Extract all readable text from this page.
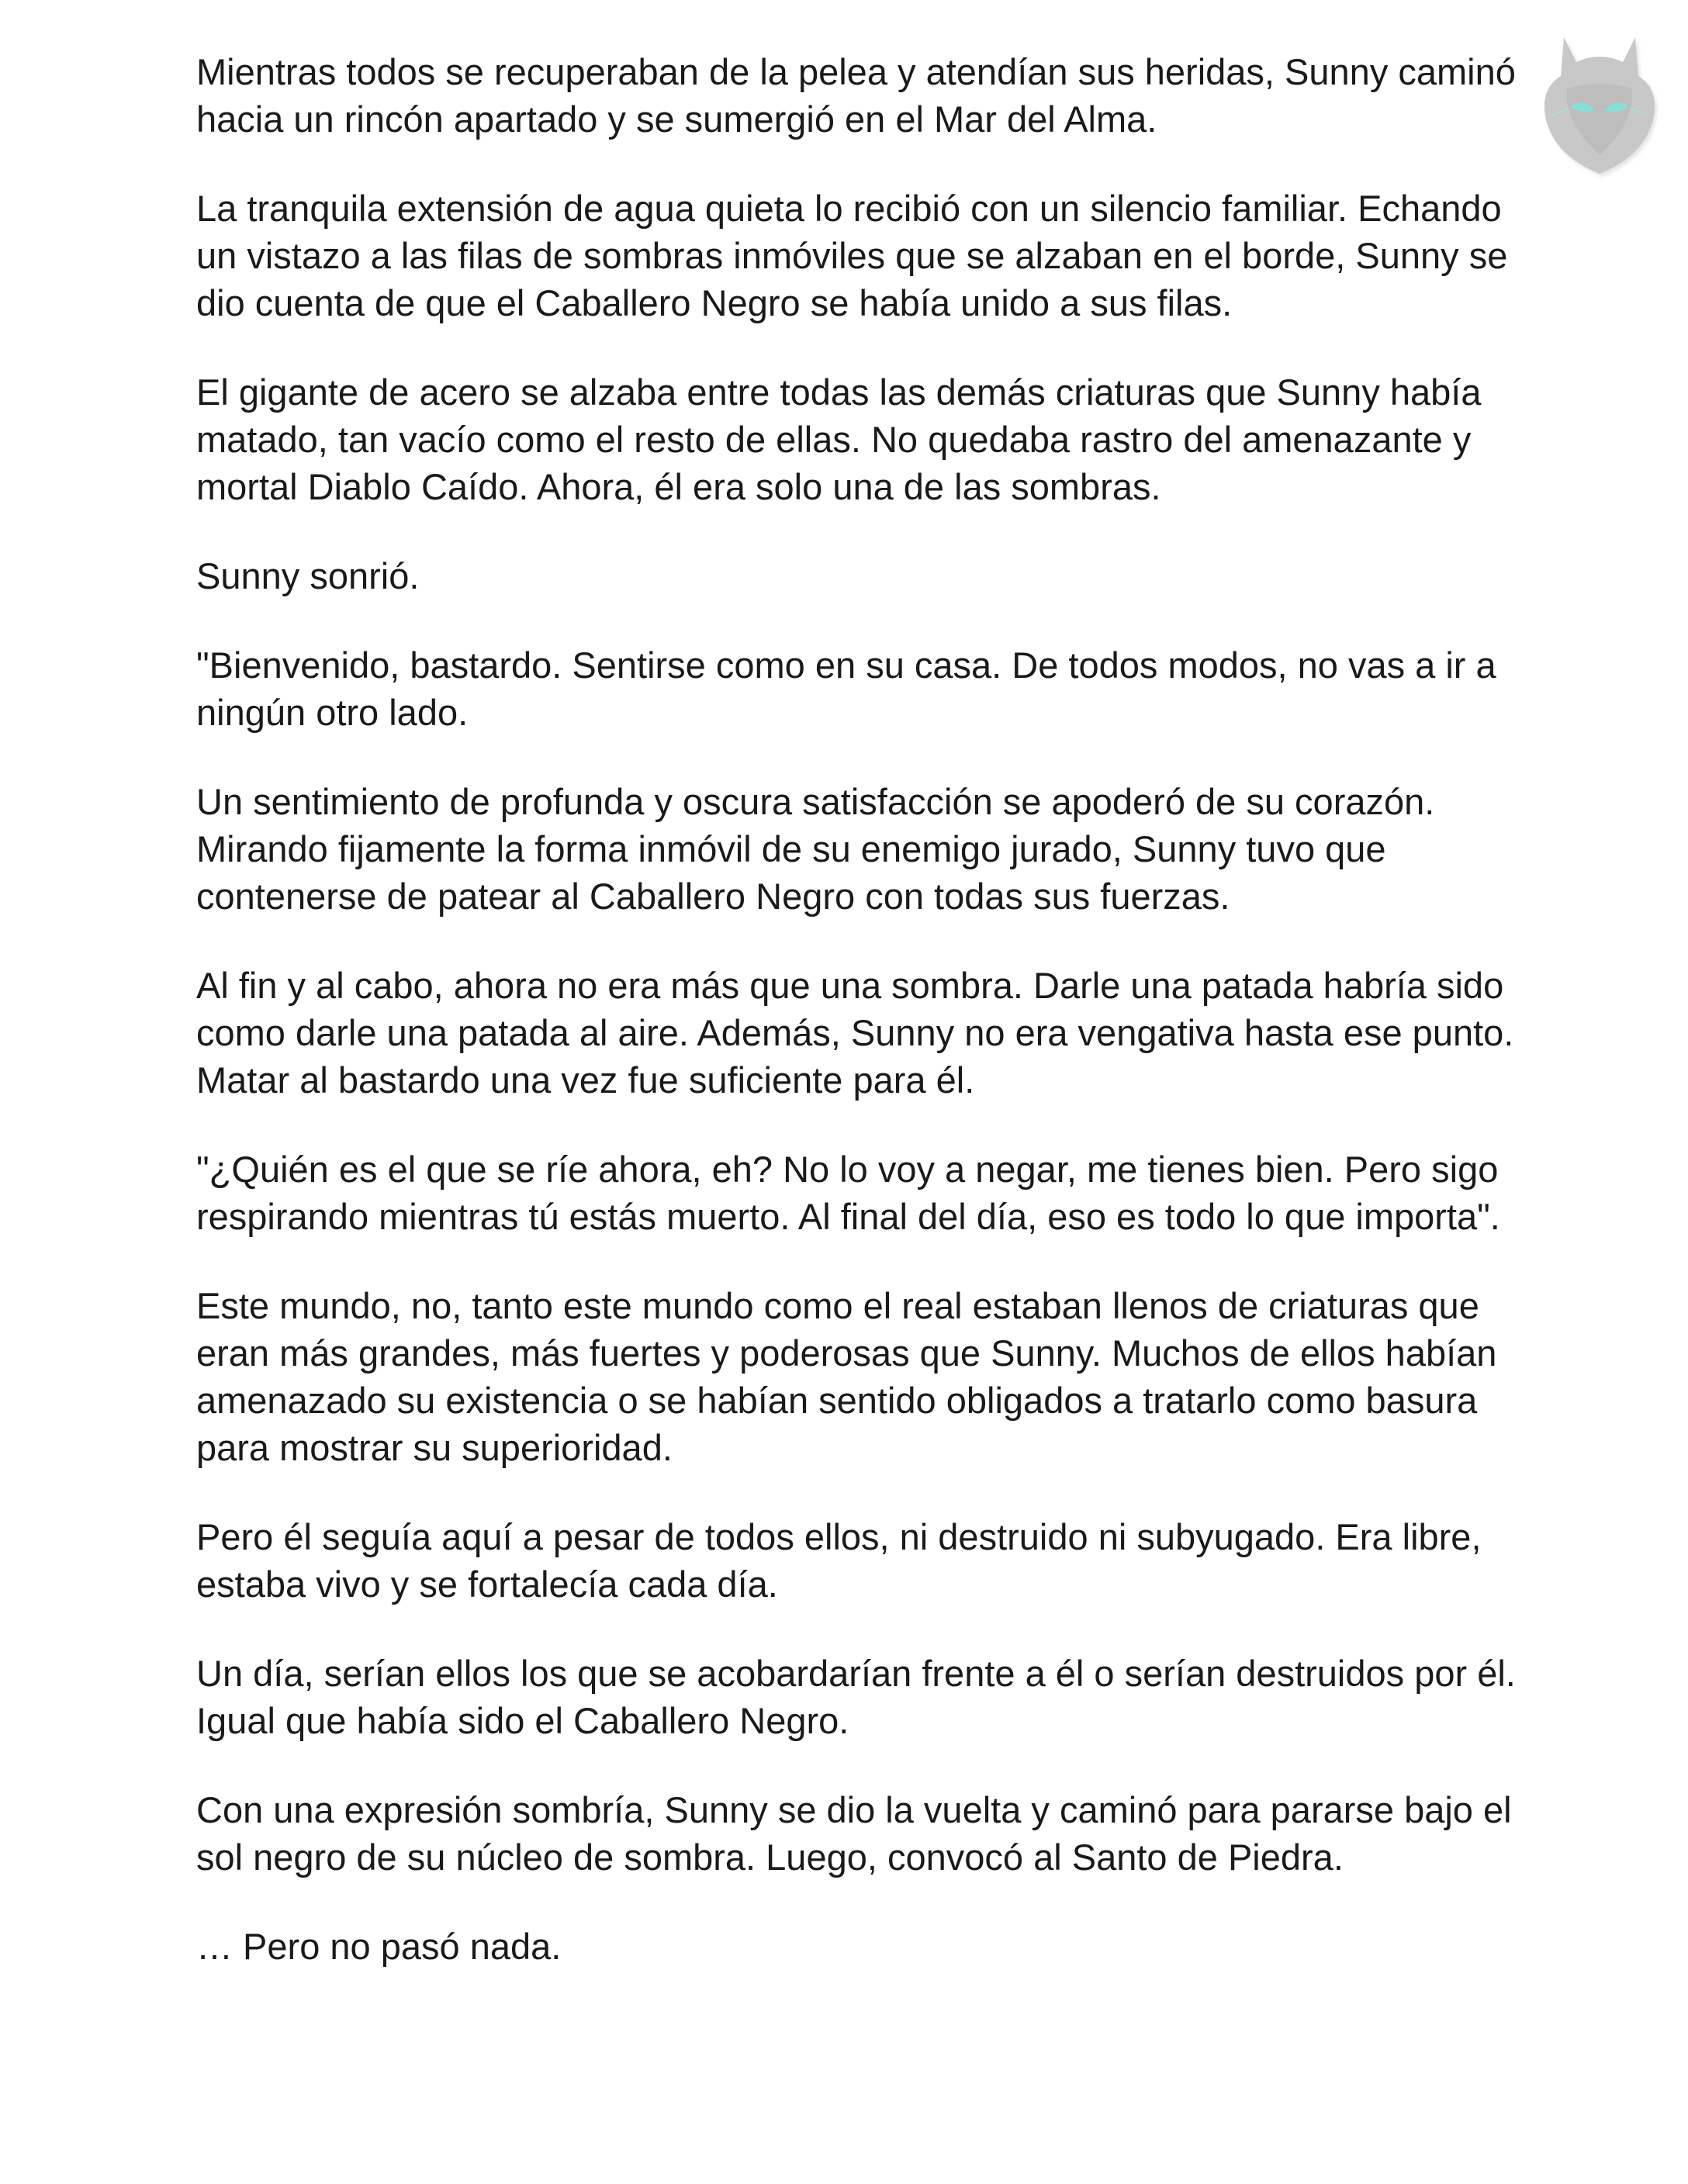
Mientras todos se recuperaban de la pelea y atendían sus heridas, Sunny caminó hacia un rincón apartado y se sumergió en el Mar del Alma.

La tranquila extensión de agua quieta lo recibió con un silencio familiar. Echando un vistazo a las filas de sombras inmóviles que se alzaban en el borde, Sunny se dio cuenta de que el Caballero Negro se había unido a sus filas.

El gigante de acero se alzaba entre todas las demás criaturas que Sunny había matado, tan vacío como el resto de ellas. No quedaba rastro del amenazante y mortal Diablo Caído. Ahora, él era solo una de las sombras.

Sunny sonrió.

"Bienvenido, bastardo. Sentirse como en su casa. De todos modos, no vas a ir a ningún otro lado.

Un sentimiento de profunda y oscura satisfacción se apoderó de su corazón. Mirando fijamente la forma inmóvil de su enemigo jurado, Sunny tuvo que contenerse de patear al Caballero Negro con todas sus fuerzas.

Al fin y al cabo, ahora no era más que una sombra. Darle una patada habría sido como darle una patada al aire. Además, Sunny no era vengativa hasta ese punto. Matar al bastardo una vez fue suficiente para él.

"¿Quién es el que se ríe ahora, eh? No lo voy a negar, me tienes bien. Pero sigo respirando mientras tú estás muerto. Al final del día, eso es todo lo que importa".

Este mundo, no, tanto este mundo como el real estaban llenos de criaturas que eran más grandes, más fuertes y poderosas que Sunny. Muchos de ellos habían amenazado su existencia o se habían sentido obligados a tratarlo como basura para mostrar su superioridad.

Pero él seguía aquí a pesar de todos ellos, ni destruido ni subyugado. Era libre, estaba vivo y se fortalecía cada día.

Un día, serían ellos los que se acobardarían frente a él o serían destruidos por él. Igual que había sido el Caballero Negro.

Con una expresión sombría, Sunny se dio la vuelta y caminó para pararse bajo el sol negro de su núcleo de sombra. Luego, convocó al Santo de Piedra.

… Pero no pasó nada.
